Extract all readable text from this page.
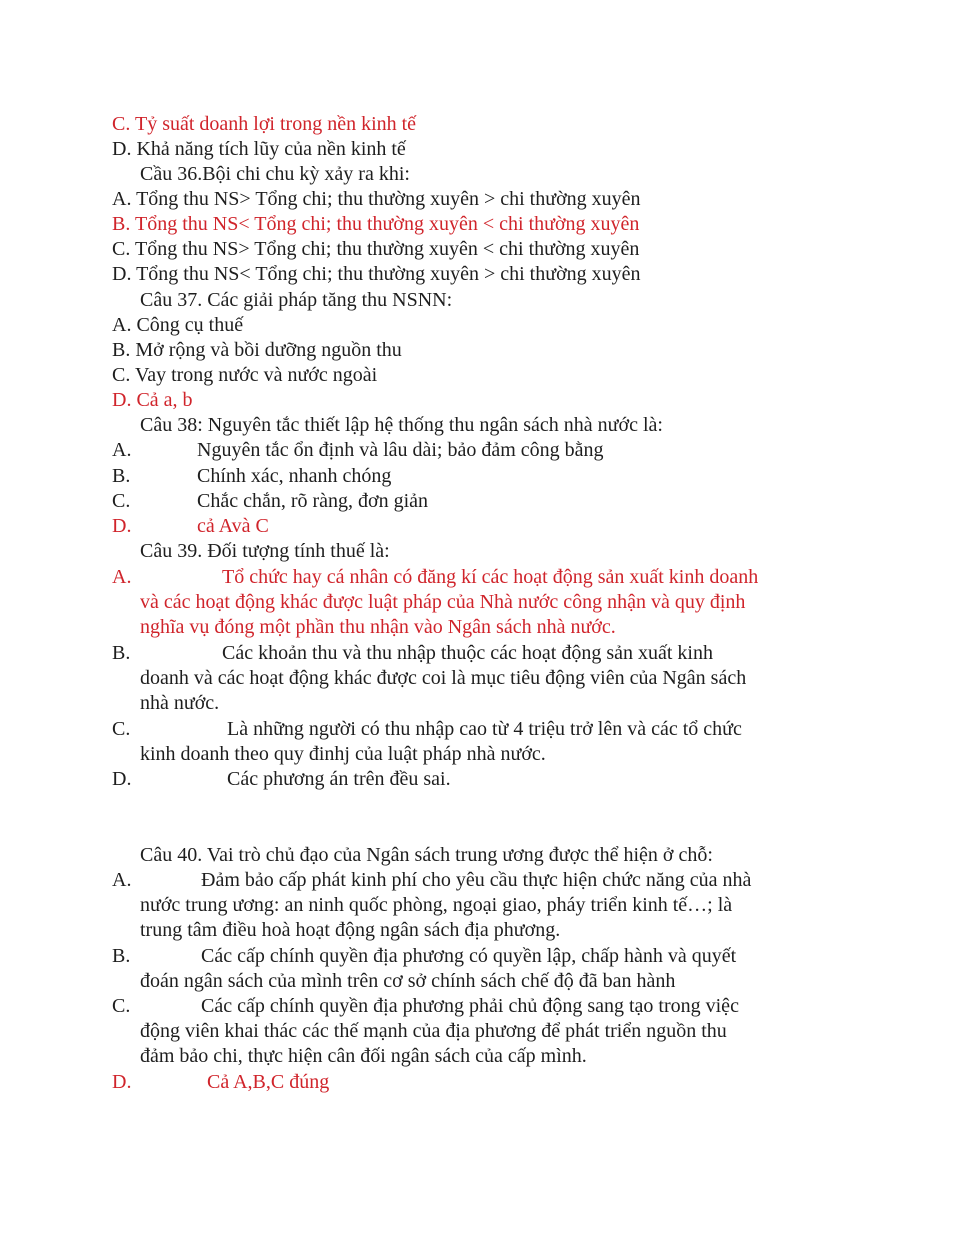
C. Tỷ suất doanh lợi trong nền kinh tế
D. Khả năng tích lũy của nền kinh tế
Cầu 36.Bội chi chu kỳ xảy ra khi:
A. Tổng thu NS> Tổng chi; thu thường xuyên > chi thường xuyên
B. Tổng thu NS< Tổng chi; thu thường xuyên < chi thường xuyên
C. Tổng thu NS> Tổng chi; thu thường xuyên < chi thường xuyên
D. Tổng thu NS< Tổng chi; thu thường xuyên > chi thường xuyên
Câu 37. Các giải pháp tăng thu NSNN:
A. Công cụ thuế
B. Mở rộng và bồi dưỡng nguồn thu
C. Vay trong nước và nước ngoài
D. Cả a, b
Câu 38: Nguyên tắc thiết lập hệ thống thu ngân sách nhà nước là:
A.	Nguyên tắc ổn định và lâu dài; bảo đảm công bằng
B.	Chính xác, nhanh chóng
C.	Chắc chắn, rõ ràng, đơn giản
D.	cả Avà C
Câu 39. Đối tượng tính thuế là:
A.	Tổ chức hay cá nhân có đăng kí các hoạt động sản xuất kinh doanh
và các hoạt động khác được luật pháp của Nhà nước công nhận và quy định
nghĩa vụ đóng một phần thu nhận vào Ngân sách nhà nước.
B.	Các khoản thu và thu nhập thuộc các hoạt động sản xuất kinh
doanh và các hoạt động khác được coi là mục tiêu động viên của Ngân sách
nhà nước.
C.	Là những người có thu nhập cao từ 4 triệu trở lên và các tổ chức
kinh doanh theo quy đinhj của luật pháp nhà nước.
D.	Các phương án trên đều sai.
Câu 40. Vai trò chủ đạo của Ngân sách trung ương được thể hiện ở chỗ:
A.	Đảm bảo cấp phát kinh phí cho yêu cầu thực hiện chức năng của nhà
nước trung ương: an ninh quốc phòng, ngoại giao, pháy triển kinh tế…; là
trung tâm điều hoà hoạt động ngân sách địa phương.
B.	Các cấp chính quyền địa phương có quyền lập, chấp hành và quyết
đoán ngân sách của mình trên cơ sở chính sách chế độ đã ban hành
C.	Các cấp chính quyền địa phương phải chủ động sang tạo trong việc
động viên khai thác các thế mạnh của địa phương để phát triển nguồn thu
đảm bảo chi, thực hiện cân đối ngân sách của cấp mình.
D.	Cả A,B,C đúng
